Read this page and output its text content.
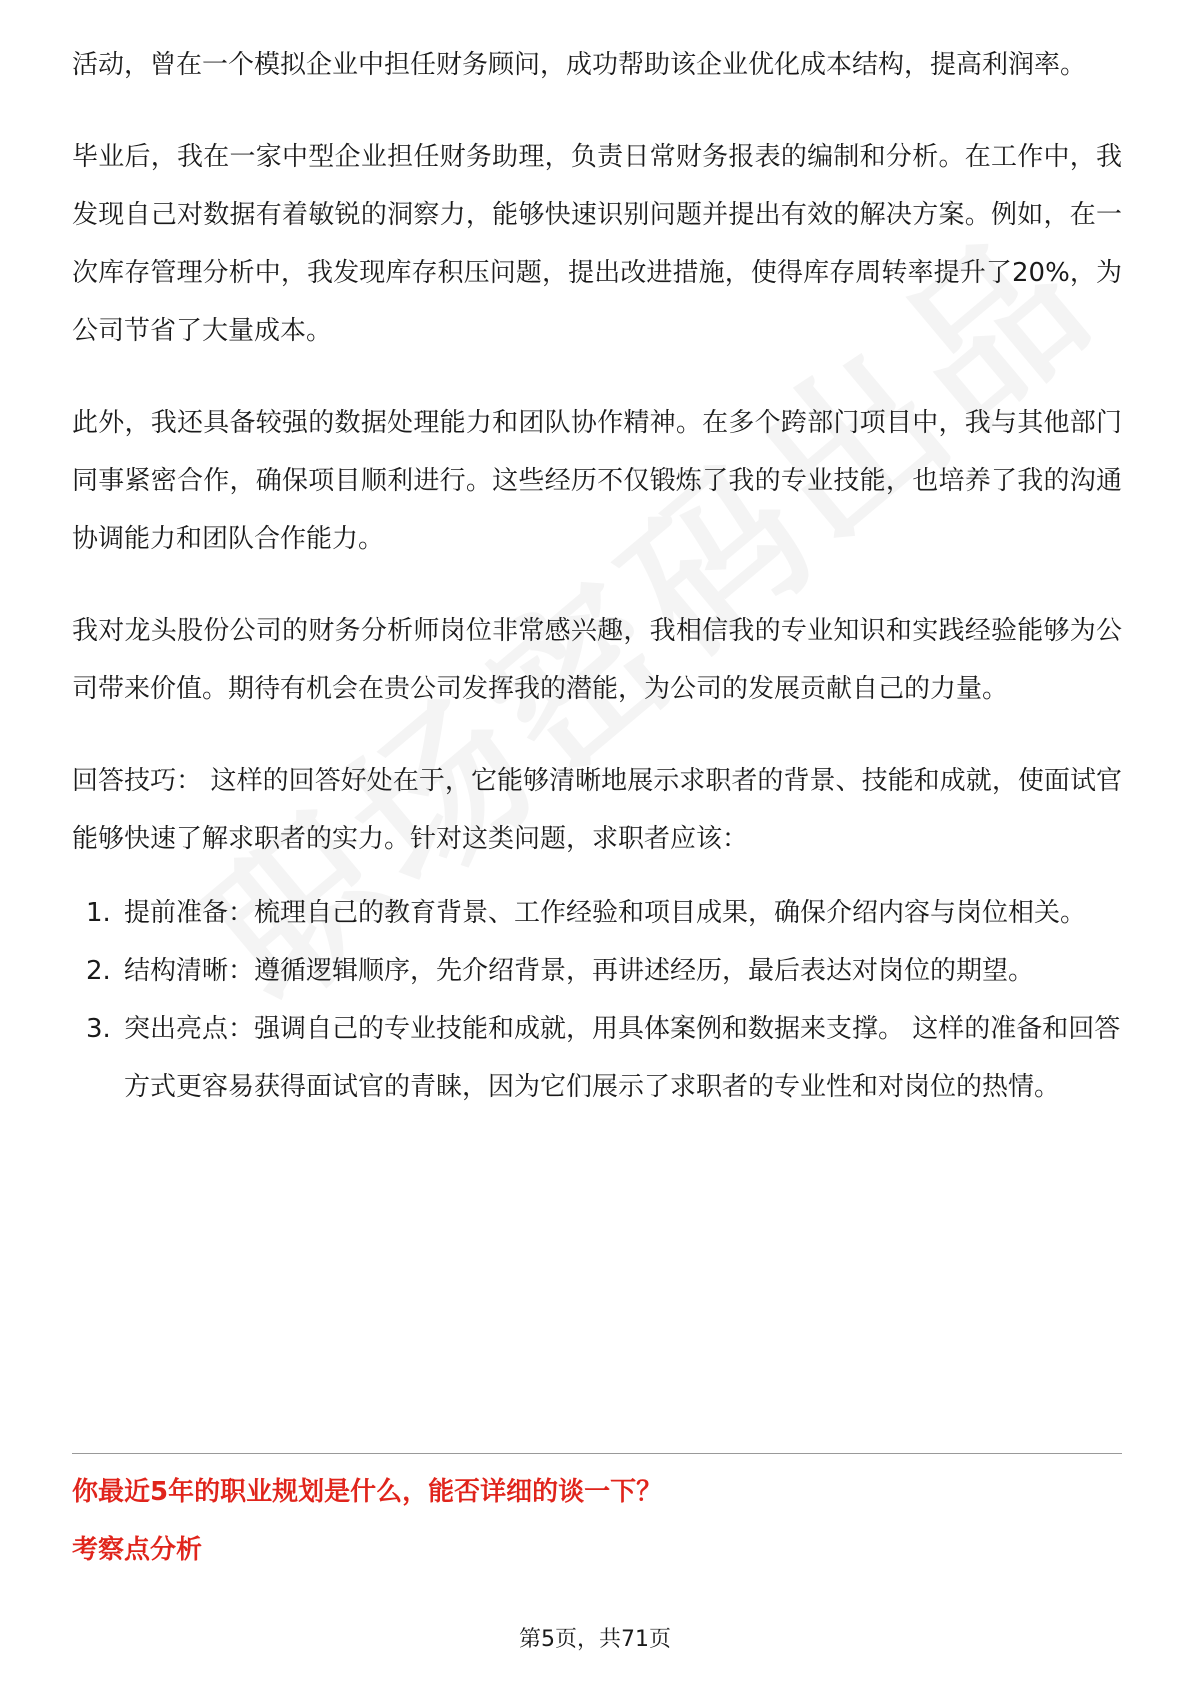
活动，曾在一个模拟企业中担任财务顾问，成功帮助该企业优化成本结构，提高利润率。

毕业后，我在一家中型企业担任财务助理，负责日常财务报表的编制和分析。在工作中，我发现自己对数据有着敏锐的洞察力，能够快速识别问题并提出有效的解决方案。例如，在一次库存管理分析中，我发现库存积压问题，提出改进措施，使得库存周转率提升了20%，为公司节省了大量成本。

此外，我还具备较强的数据处理能力和团队协作精神。在多个跨部门项目中，我与其他部门同事紧密合作，确保项目顺利进行。这些经历不仅锻炼了我的专业技能，也培养了我的沟通协调能力和团队合作能力。

我对龙头股份公司的财务分析师岗位非常感兴趣，我相信我的专业知识和实践经验能够为公司带来价值。期待有机会在贵公司发挥我的潜能，为公司的发展贡献自己的力量。

回答技巧： 这样的回答好处在于，它能够清晰地展示求职者的背景、技能和成就，使面试官能够快速了解求职者的实力。针对这类问题，求职者应该：

1. 提前准备：梳理自己的教育背景、工作经验和项目成果，确保介绍内容与岗位相关。
2. 结构清晰：遵循逻辑顺序，先介绍背景，再讲述经历，最后表达对岗位的期望。
3. 突出亮点：强调自己的专业技能和成就，用具体案例和数据来支撑。 这样的准备和回答方式更容易获得面试官的青睐，因为它们展示了求职者的专业性和对岗位的热情。
你最近5年的职业规划是什么，能否详细的谈一下？
考察点分析
第5页，共71页
